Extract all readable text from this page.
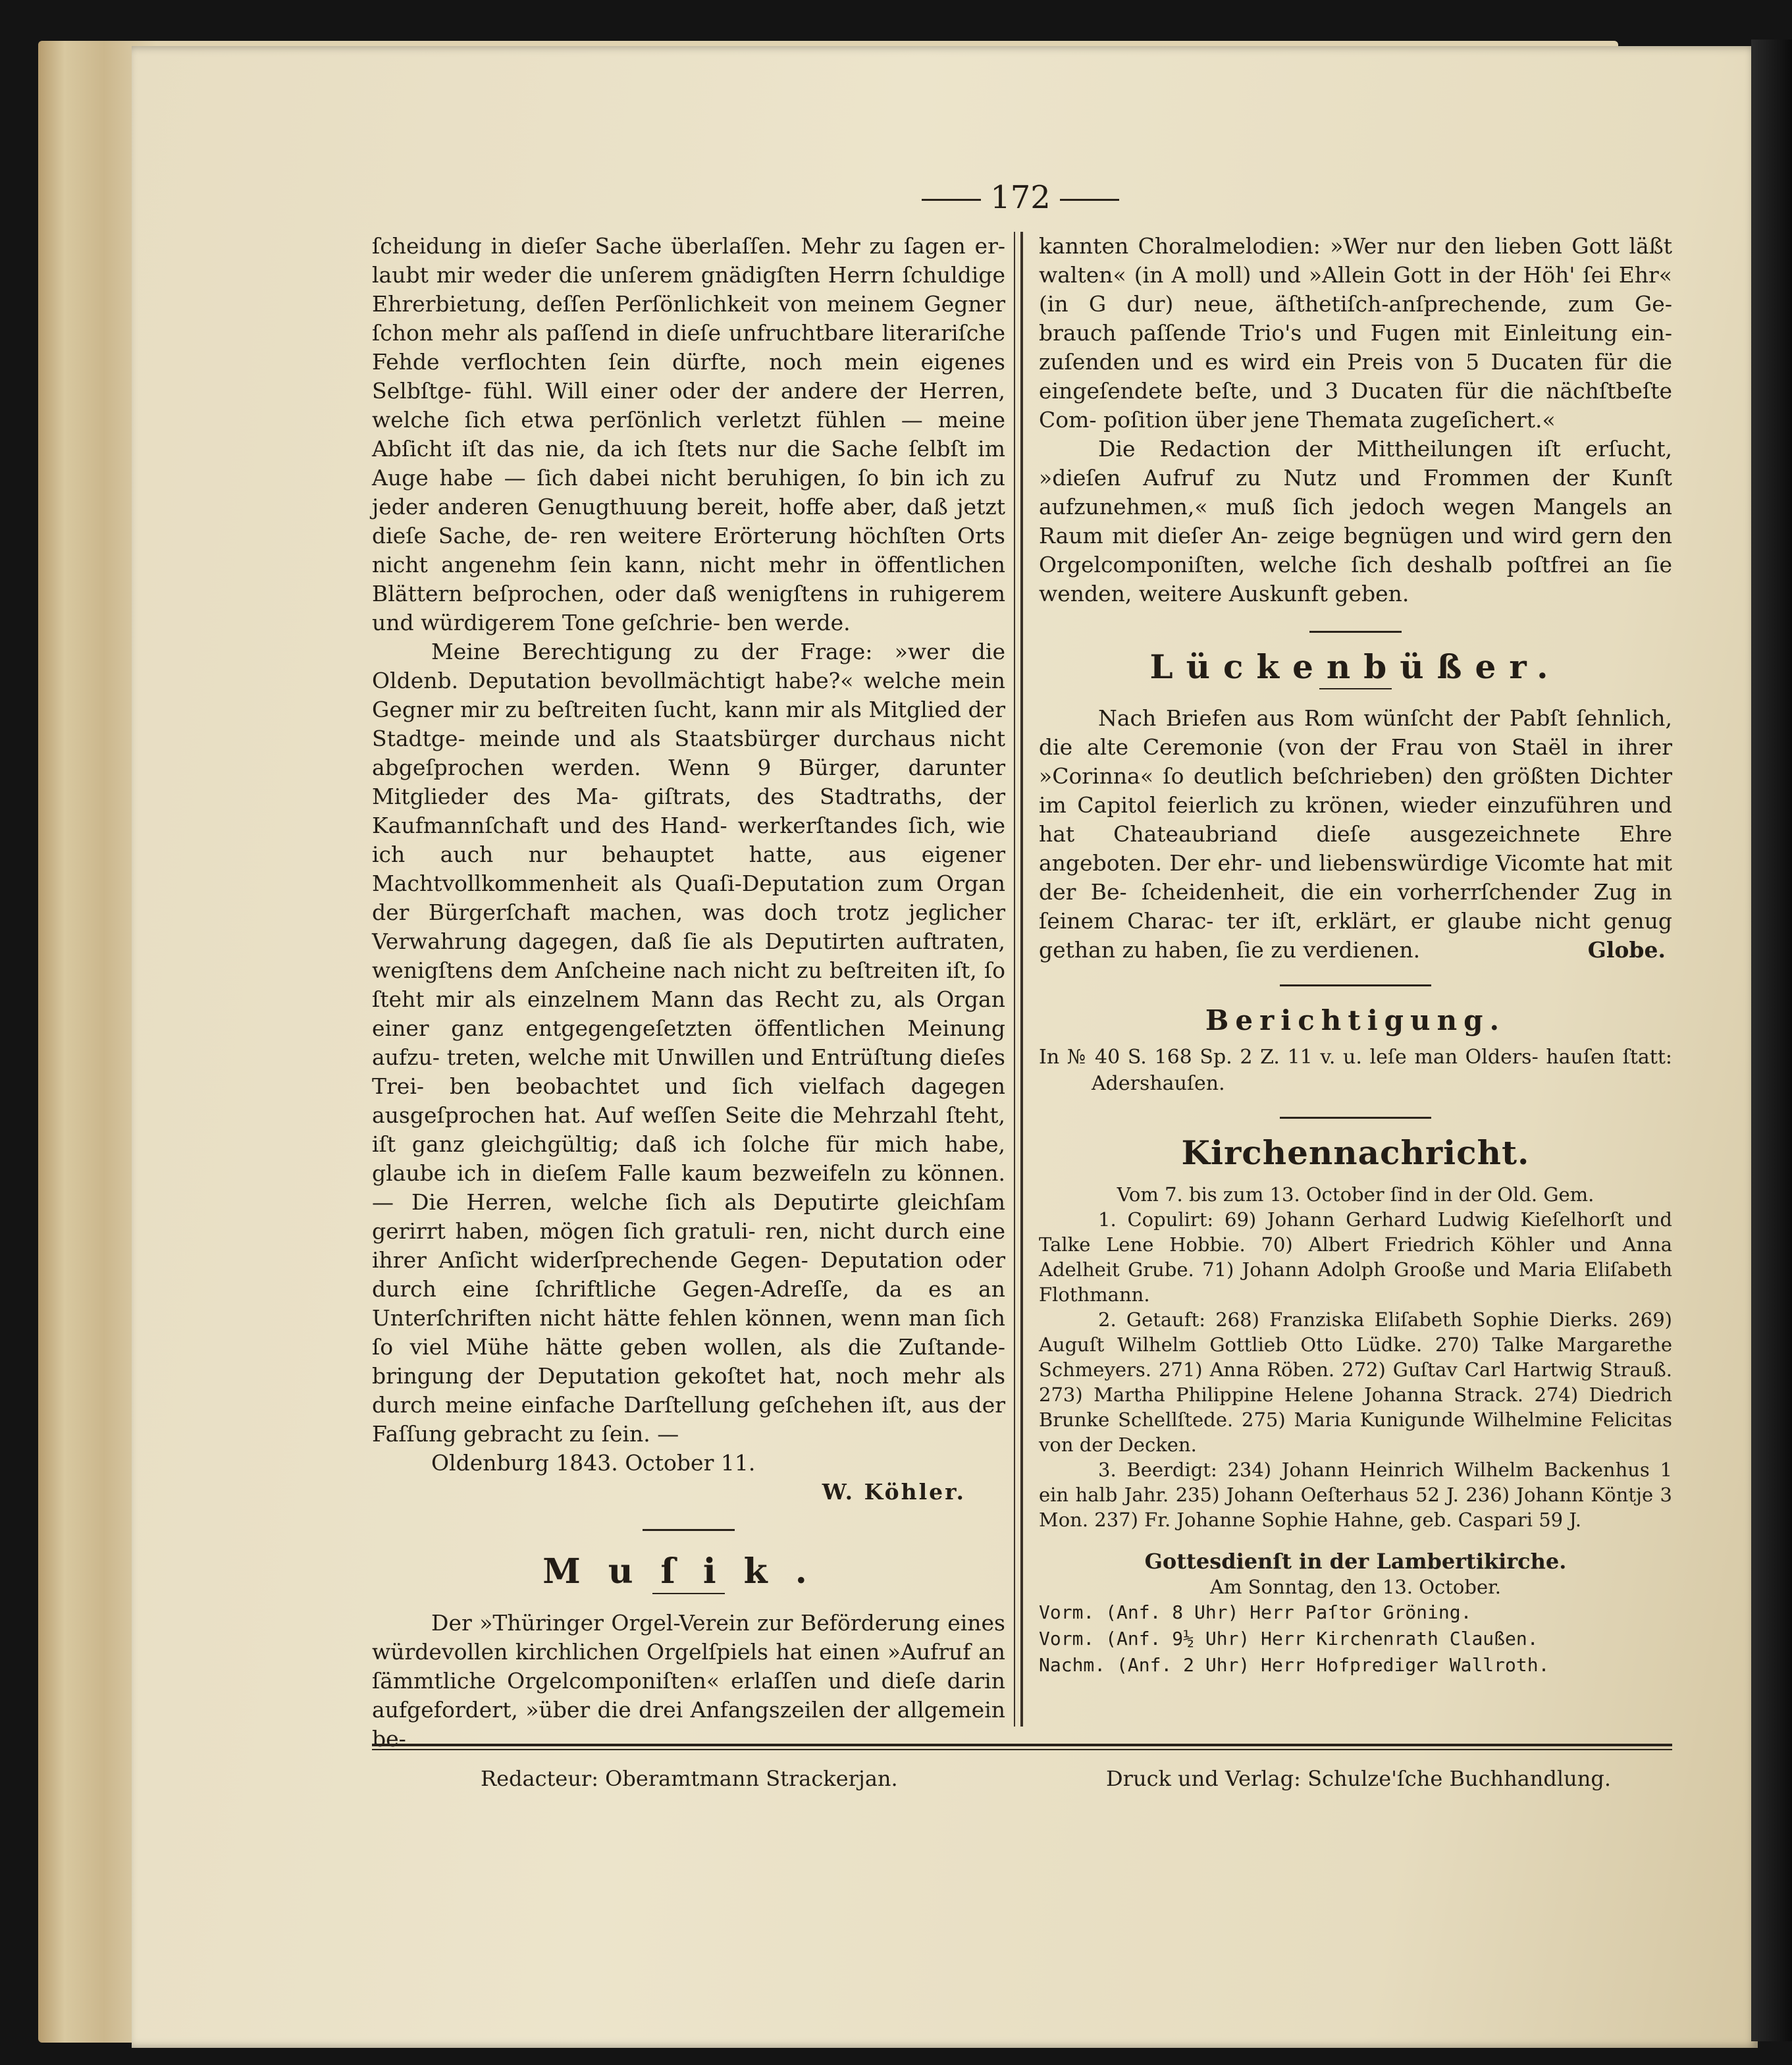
172

ſcheidung in dieſer Sache überlaſſen. Mehr zu ſagen er- laubt mir weder die unſerem gnädigſten Herrn ſchuldige Ehrerbietung, deſſen Perſönlichkeit von meinem Gegner ſchon mehr als paſſend in dieſe unfruchtbare literariſche Fehde verflochten ſein dürfte, noch mein eigenes Selbſtge- fühl. Will einer oder der andere der Herren, welche ſich etwa perſönlich verletzt fühlen — meine Abſicht iſt das nie, da ich ſtets nur die Sache ſelbſt im Auge habe — ſich dabei nicht beruhigen, ſo bin ich zu jeder anderen Genugthuung bereit, hoffe aber, daß jetzt dieſe Sache, de- ren weitere Erörterung höchſten Orts nicht angenehm ſein kann, nicht mehr in öffentlichen Blättern beſprochen, oder daß wenigſtens in ruhigerem und würdigerem Tone geſchrie- ben werde.

Meine Berechtigung zu der Frage: »wer die Oldenb. Deputation bevollmächtigt habe?« welche mein Gegner mir zu beſtreiten ſucht, kann mir als Mitglied der Stadtge- meinde und als Staatsbürger durchaus nicht abgeſprochen werden. Wenn 9 Bürger, darunter Mitglieder des Ma- giſtrats, des Stadtraths, der Kaufmannſchaft und des Hand- werkerſtandes ſich, wie ich auch nur behauptet hatte, aus eigener Machtvollkommenheit als Quaſi-Deputation zum Organ der Bürgerſchaft machen, was doch trotz jeglicher Verwahrung dagegen, daß ſie als Deputirten auftraten, wenigſtens dem Anſcheine nach nicht zu beſtreiten iſt, ſo ſteht mir als einzelnem Mann das Recht zu, als Organ einer ganz entgegengeſetzten öffentlichen Meinung aufzu- treten, welche mit Unwillen und Entrüſtung dieſes Trei- ben beobachtet und ſich vielfach dagegen ausgeſprochen hat. Auf weſſen Seite die Mehrzahl ſteht, iſt ganz gleichgültig; daß ich ſolche für mich habe, glaube ich in dieſem Falle kaum bezweifeln zu können. — Die Herren, welche ſich als Deputirte gleichſam gerirrt haben, mögen ſich gratuli- ren, nicht durch eine ihrer Anſicht widerſprechende Gegen- Deputation oder durch eine ſchriftliche Gegen-Adreſſe, da es an Unterſchriften nicht hätte fehlen können, wenn man ſich ſo viel Mühe hätte geben wollen, als die Zuſtande- bringung der Deputation gekoſtet hat, noch mehr als durch meine einfache Darſtellung geſchehen iſt, aus der Faſſung gebracht zu ſein. —

Oldenburg 1843. October 11.

W. Köhler.

Muſik.

Der »Thüringer Orgel-Verein zur Beförderung eines würdevollen kirchlichen Orgelſpiels hat einen »Aufruf an ſämmtliche Orgelcomponiſten« erlaſſen und dieſe darin aufgefordert, »über die drei Anfangszeilen der allgemein be-

kannten Choralmelodien: »Wer nur den lieben Gott läßt walten« (in A moll) und »Allein Gott in der Höh' ſei Ehr« (in G dur) neue, äſthetiſch-anſprechende, zum Ge- brauch paſſende Trio's und Fugen mit Einleitung ein- zuſenden und es wird ein Preis von 5 Ducaten für die eingeſendete beſte, und 3 Ducaten für die nächſtbeſte Com- poſition über jene Themata zugeſichert.«

Die Redaction der Mittheilungen iſt erſucht, »dieſen Aufruf zu Nutz und Frommen der Kunſt aufzunehmen,« muß ſich jedoch wegen Mangels an Raum mit dieſer An- zeige begnügen und wird gern den Orgelcomponiſten, welche ſich deshalb poſtfrei an ſie wenden, weitere Auskunft geben.

Lückenbüßer.

Nach Briefen aus Rom wünſcht der Pabſt ſehnlich, die alte Ceremonie (von der Frau von Staël in ihrer »Corinna« ſo deutlich beſchrieben) den größten Dichter im Capitol feierlich zu krönen, wieder einzuführen und hat Chateaubriand dieſe ausgezeichnete Ehre angeboten. Der ehr- und liebenswürdige Vicomte hat mit der Be- ſcheidenheit, die ein vorherrſchender Zug in ſeinem Charac- ter iſt, erklärt, er glaube nicht genug gethan zu haben, ſie zu verdienen.	Globe.

Berichtigung.

In № 40 S. 168 Sp. 2 Z. 11 v. u. leſe man Olders- hauſen ſtatt: Adershauſen.

Kirchennachricht.

Vom 7. bis zum 13. October ſind in der Old. Gem.

1. Copulirt: 69) Johann Gerhard Ludwig Kieſelhorſt und Talke Lene Hobbie. 70) Albert Friedrich Köhler und Anna Adelheit Grube. 71) Johann Adolph Grooße und Maria Eliſabeth Flothmann.

2. Getauft: 268) Franziska Eliſabeth Sophie Dierks. 269) Auguſt Wilhelm Gottlieb Otto Lüdke. 270) Talke Margarethe Schmeyers. 271) Anna Röben. 272) Guſtav Carl Hartwig Strauß. 273) Martha Philippine Helene Johanna Strack. 274) Diedrich Brunke Schellſtede. 275) Maria Kunigunde Wilhelmine Felicitas von der Decken.

3. Beerdigt: 234) Johann Heinrich Wilhelm Backenhus 1 ein halb Jahr. 235) Johann Oeſterhaus 52 J. 236) Johann Köntje 3 Mon. 237) Fr. Johanne Sophie Hahne, geb. Caspari 59 J.

Gottesdienſt in der Lambertikirche.

Am Sonntag, den 13. October.

Vorm. (Anf. 8 Uhr) Herr Paſtor Gröning.
Vorm. (Anf. 9½ Uhr) Herr Kirchenrath Claußen.
Nachm. (Anf. 2 Uhr) Herr Hofprediger Wallroth.
Redacteur: Oberamtmann Strackerjan.	Druck und Verlag: Schulze'ſche Buchhandlung.
